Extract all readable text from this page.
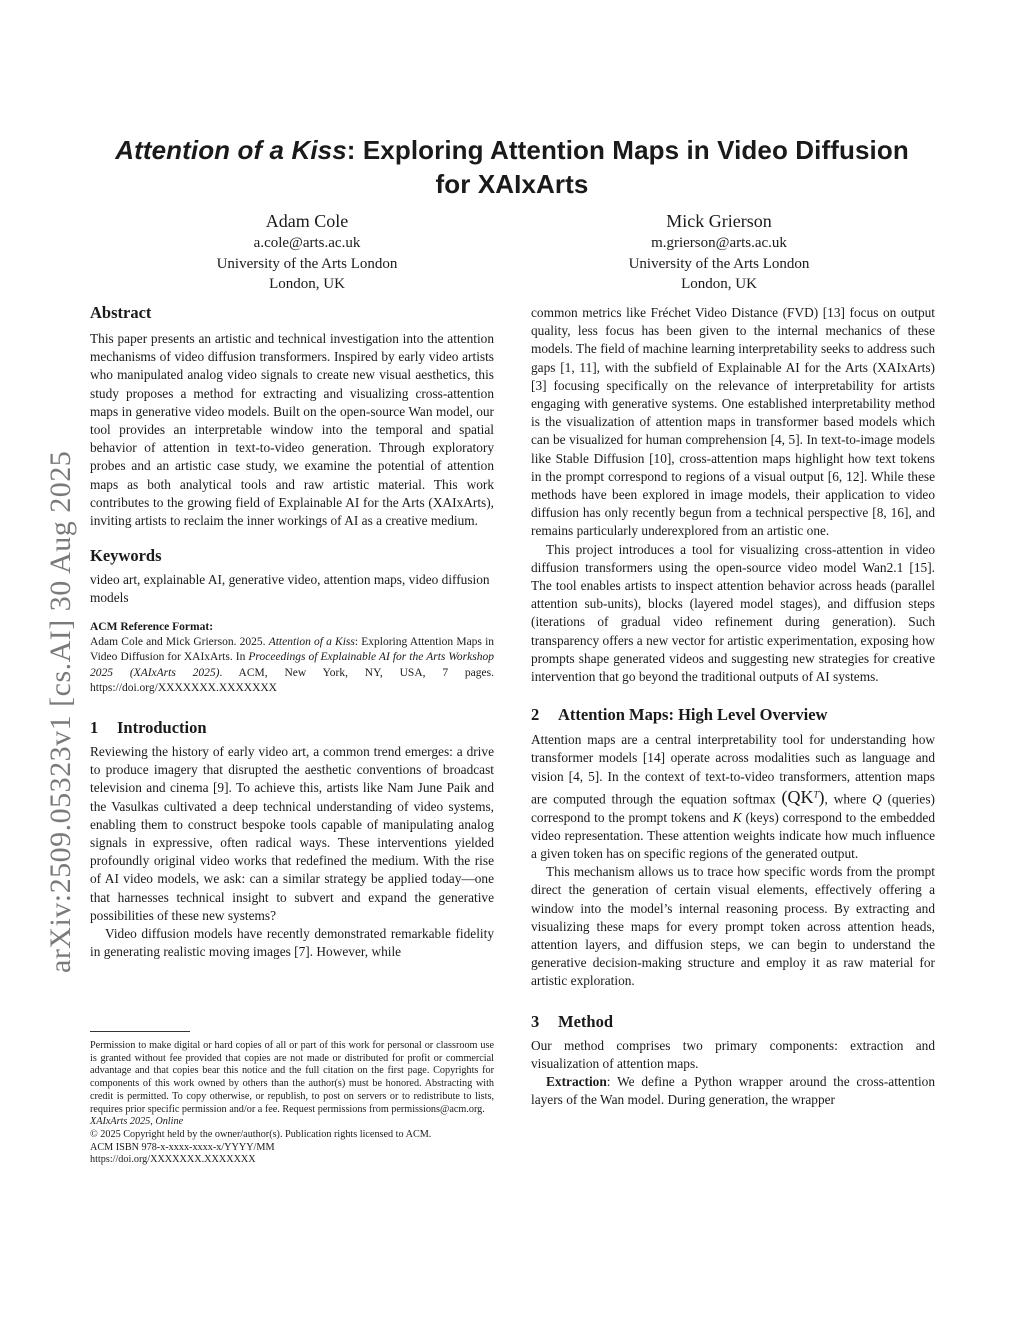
Attention of a Kiss: Exploring Attention Maps in Video Diffusion
for XAIxArts
Adam Cole
a.cole@arts.ac.uk
University of the Arts London
London, UK
Mick Grierson
m.grierson@arts.ac.uk
University of the Arts London
London, UK
arXiv:2509.05323v1 [cs.AI] 30 Aug 2025
Abstract

This paper presents an artistic and technical investigation into the attention mechanisms of video diffusion transformers. Inspired by early video artists who manipulated analog video signals to create new visual aesthetics, this study proposes a method for extracting and visualizing cross-attention maps in generative video models. Built on the open-source Wan model, our tool provides an interpretable window into the temporal and spatial behavior of attention in text-to-video generation. Through exploratory probes and an artistic case study, we examine the potential of attention maps as both analytical tools and raw artistic material. This work contributes to the growing field of Explainable AI for the Arts (XAIxArts), inviting artists to reclaim the inner workings of AI as a creative medium.

Keywords

video art, explainable AI, generative video, attention maps, video diffusion models

ACM Reference Format:
Adam Cole and Mick Grierson. 2025. Attention of a Kiss: Exploring Attention Maps in Video Diffusion for XAIxArts. In Proceedings of Explainable AI for the Arts Workshop 2025 (XAIxArts 2025). ACM, New York, NY, USA, 7 pages. https://doi.org/XXXXXXX.XXXXXXX
1 Introduction

Reviewing the history of early video art, a common trend emerges: a drive to produce imagery that disrupted the aesthetic conventions of broadcast television and cinema [9]. To achieve this, artists like Nam June Paik and the Vasulkas cultivated a deep technical understanding of video systems, enabling them to construct bespoke tools capable of manipulating analog signals in expressive, often radical ways. These interventions yielded profoundly original video works that redefined the medium. With the rise of AI video models, we ask: can a similar strategy be applied today—one that harnesses technical insight to subvert and expand the generative possibilities of these new systems?

Video diffusion models have recently demonstrated remarkable fidelity in generating realistic moving images [7]. However, while

Permission to make digital or hard copies of all or part of this work for personal or classroom use is granted without fee provided that copies are not made or distributed for profit or commercial advantage and that copies bear this notice and the full citation on the first page. Copyrights for components of this work owned by others than the author(s) must be honored. Abstracting with credit is permitted. To copy otherwise, or republish, to post on servers or to redistribute to lists, requires prior specific permission and/or a fee. Request permissions from permissions@acm.org.

XAIxArts 2025, Online

© 2025 Copyright held by the owner/author(s). Publication rights licensed to ACM.

ACM ISBN 978-x-xxxx-xxxx-x/YYYY/MM

https://doi.org/XXXXXXX.XXXXXXX

common metrics like Fréchet Video Distance (FVD) [13] focus on output quality, less focus has been given to the internal mechanics of these models. The field of machine learning interpretability seeks to address such gaps [1, 11], with the subfield of Explainable AI for the Arts (XAIxArts) [3] focusing specifically on the relevance of interpretability for artists engaging with generative systems. One established interpretability method is the visualization of attention maps in transformer based models which can be visualized for human comprehension [4, 5]. In text-to-image models like Stable Diffusion [10], cross-attention maps highlight how text tokens in the prompt correspond to regions of a visual output [6, 12]. While these methods have been explored in image models, their application to video diffusion has only recently begun from a technical perspective [8, 16], and remains particularly underexplored from an artistic one.

This project introduces a tool for visualizing cross-attention in video diffusion transformers using the open-source video model Wan2.1 [15]. The tool enables artists to inspect attention behavior across heads (parallel attention sub-units), blocks (layered model stages), and diffusion steps (iterations of gradual video refinement during generation). Such transparency offers a new vector for artistic experimentation, exposing how prompts shape generated videos and suggesting new strategies for creative intervention that go beyond the traditional outputs of AI systems.

2 Attention Maps: High Level Overview

Attention maps are a central interpretability tool for understanding how transformer models [14] operate across modalities such as language and vision [4, 5]. In the context of text-to-video transformers, attention maps are computed through the equation softmax $(QK^T)$, where Q (queries) correspond to the prompt tokens and K (keys) correspond to the embedded video representation. These attention weights indicate how much influence a given token has on specific regions of the generated output.

This mechanism allows us to trace how specific words from the prompt direct the generation of certain visual elements, effectively offering a window into the model’s internal reasoning process. By extracting and visualizing these maps for every prompt token across attention heads, attention layers, and diffusion steps, we can begin to understand the generative decision-making structure and employ it as raw material for artistic exploration.

3 Method

Our method comprises two primary components: extraction and visualization of attention maps.

Extraction: We define a Python wrapper around the cross-attention layers of the Wan model. During generation, the wrapper
